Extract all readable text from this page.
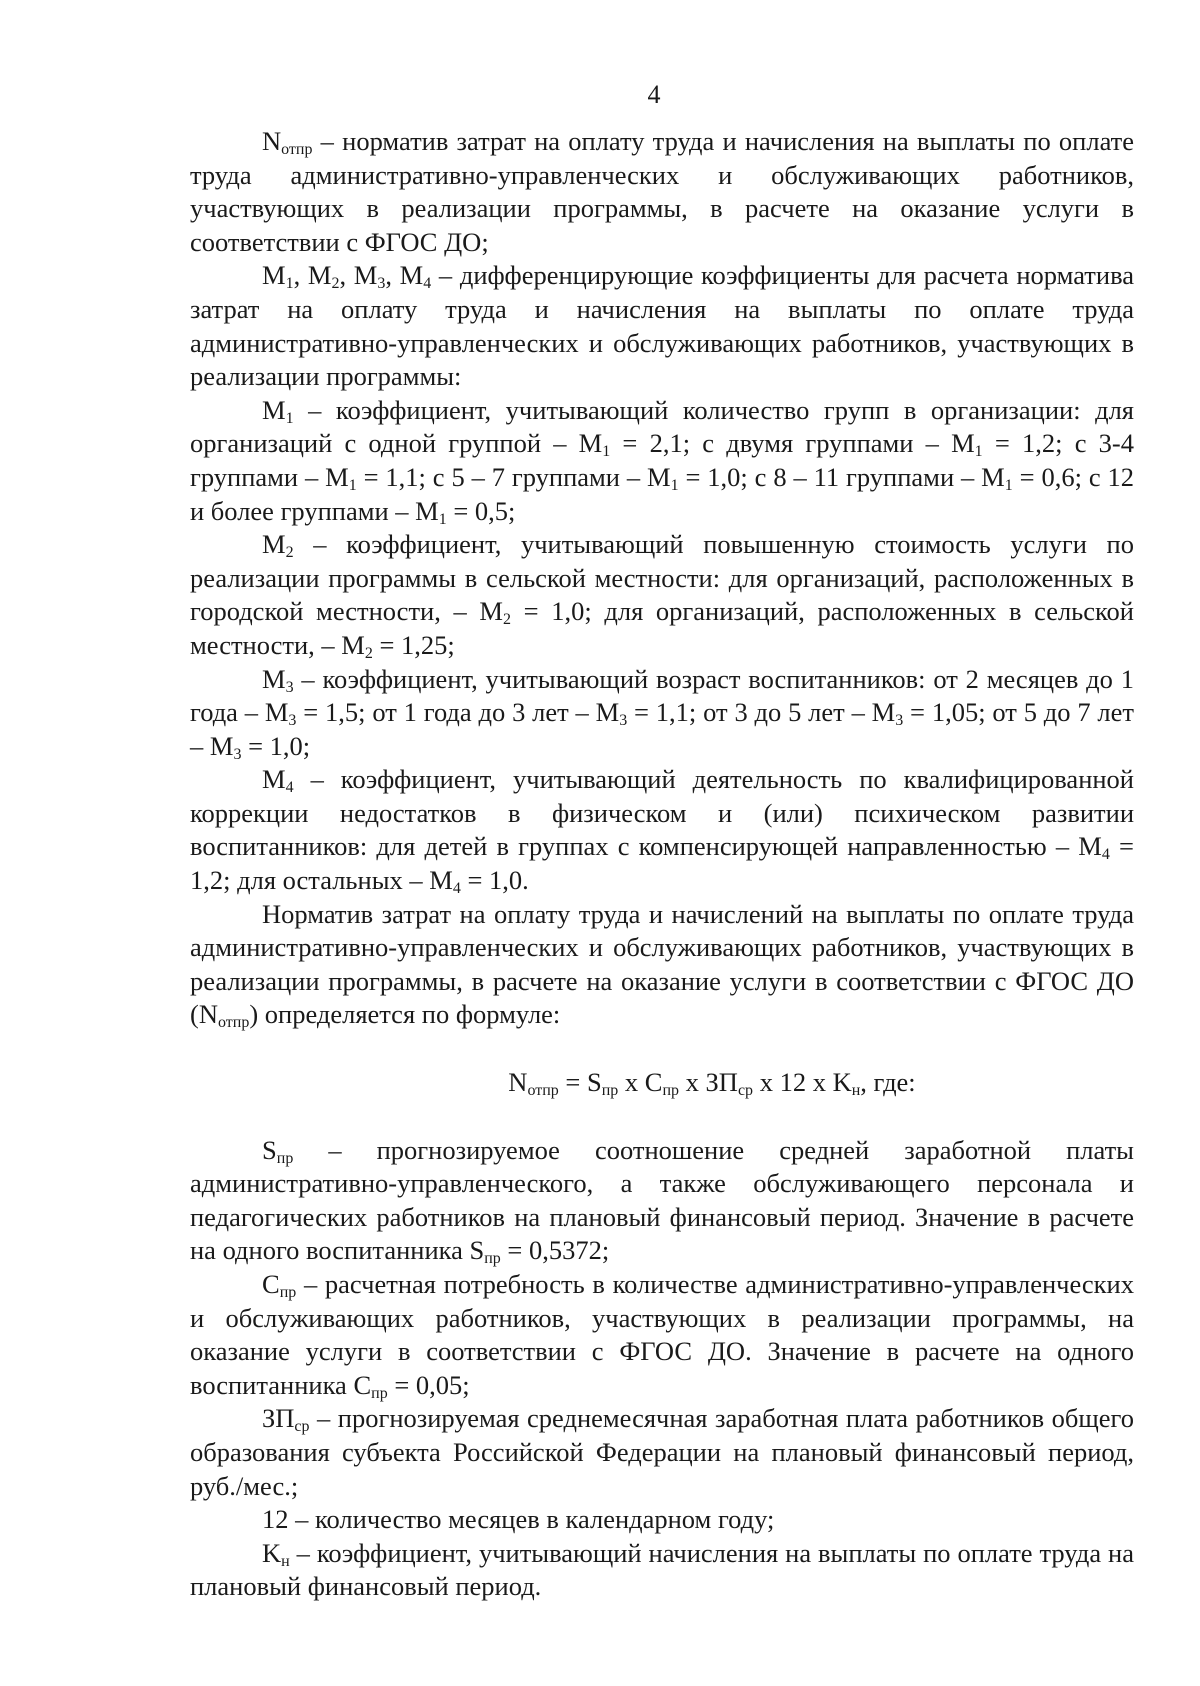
4

$N_{отпр}$ – норматив затрат на оплату труда и начисления на выплаты по оплате труда административно-управленческих и обслуживающих работников, участвующих в реализации программы, в расчете на оказание услуги в соответствии с ФГОС ДО;

$M_1$, $M_2$, $M_3$, $M_4$ – дифференцирующие коэффициенты для расчета норматива затрат на оплату труда и начисления на выплаты по оплате труда административно-управленческих и обслуживающих работников, участвующих в реализации программы:

$M_1$ – коэффициент, учитывающий количество групп в организации: для организаций с одной группой – $M_1 = 2,1$; с двумя группами – $M_1 = 1,2$; с 3-4 группами – $M_1 = 1,1$; с 5 – 7 группами – $M_1 = 1,0$; с 8 – 11 группами – $M_1 = 0,6$; с 12 и более группами – $M_1 = 0,5$;

$M_2$ – коэффициент, учитывающий повышенную стоимость услуги по реализации программы в сельской местности: для организаций, расположенных в городской местности, – $M_2 = 1,0$; для организаций, расположенных в сельской местности, – $M_2 = 1,25$;

$M_3$ – коэффициент, учитывающий возраст воспитанников: от 2 месяцев до 1 года – $M_3 = 1,5$; от 1 года до 3 лет – $M_3 = 1,1$; от 3 до 5 лет – $M_3 = 1,05$; от 5 до 7 лет – $M_3 = 1,0$;

$M_4$ – коэффициент, учитывающий деятельность по квалифицированной коррекции недостатков в физическом и (или) психическом развитии воспитанников: для детей в группах с компенсирующей направленностью – $M_4 = 1,2$; для остальных – $M_4 = 1,0$.

Норматив затрат на оплату труда и начислений на выплаты по оплате труда административно-управленческих и обслуживающих работников, участвующих в реализации программы, в расчете на оказание услуги в соответствии с ФГОС ДО $(N_{отпр})$ определяется по формуле:

$N_{отпр} = S_{пр}$ x $C_{пр}$ x $ЗП_{ср}$ x 12 x $K_н$, где:

$S_{пр}$ – прогнозируемое соотношение средней заработной платы административно-управленческого, а также обслуживающего персонала и педагогических работников на плановый финансовый период. Значение в расчете на одного воспитанника $S_{пр} = 0,5372$;

$C_{пр}$ – расчетная потребность в количестве административно-управленческих и обслуживающих работников, участвующих в реализации программы, на оказание услуги в соответствии с ФГОС ДО. Значение в расчете на одного воспитанника $C_{пр} = 0,05$;

$ЗП_{ср}$ – прогнозируемая среднемесячная заработная плата работников общего образования субъекта Российской Федерации на плановый финансовый период, руб./мес.;

12 – количество месяцев в календарном году;

$K_н$ – коэффициент, учитывающий начисления на выплаты по оплате труда на плановый финансовый период.
